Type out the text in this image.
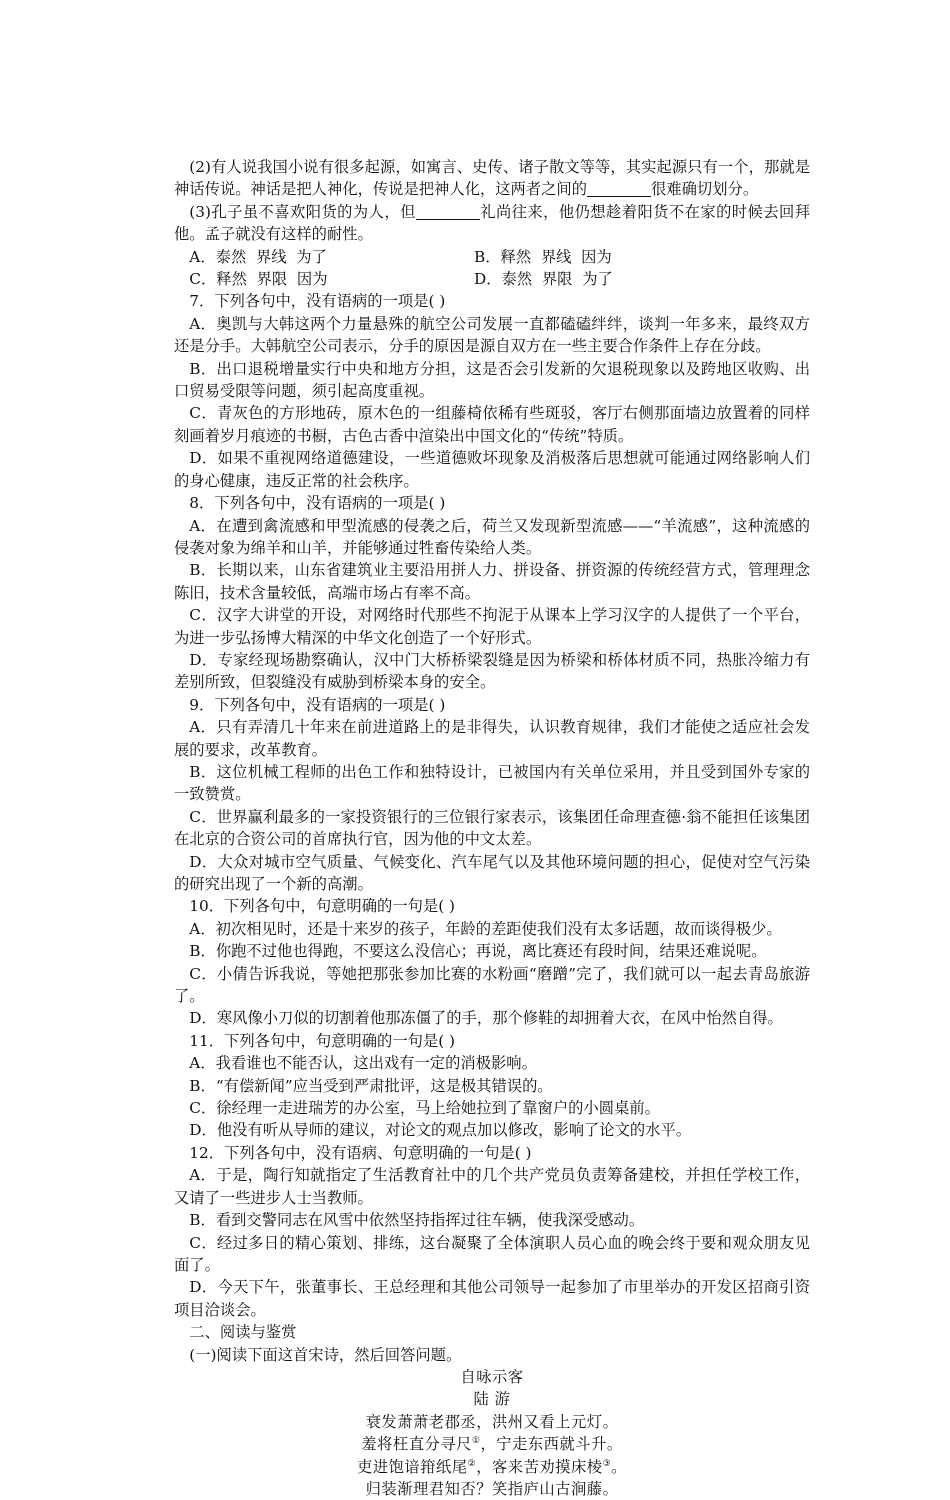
(2)有人说我国小说有很多起源，如寓言、史传、诸子散文等等，其实起源只有一个，那就是神话传说。神话是把人神化，传说是把神人化，这两者之间的	很难确切划分。

(3)孔子虽不喜欢阳货的为人，但	礼尚往来，他仍想趁着阳货不在家的时候去回拜他。孟子就没有这样的耐性。

A．泰然  界线  为了	B．释然  界线  因为

C．释然  界限  因为	D．泰然  界限  为了

7．下列各句中，没有语病的一项是( )

A．奥凯与大韩这两个力量悬殊的航空公司发展一直都磕磕绊绊，谈判一年多来，最终双方还是分手。大韩航空公司表示，分手的原因是源自双方在一些主要合作条件上存在分歧。

B．出口退税增量实行中央和地方分担，这是否会引发新的欠退税现象以及跨地区收购、出口贸易受限等问题，须引起高度重视。

C．青灰色的方形地砖，原木色的一组藤椅依稀有些斑驳，客厅右侧那面墙边放置着的同样刻画着岁月痕迹的书橱，古色古香中渲染出中国文化的“传统”特质。

D．如果不重视网络道德建设，一些道德败坏现象及消极落后思想就可能通过网络影响人们的身心健康，违反正常的社会秩序。

8．下列各句中，没有语病的一项是( )

A．在遭到禽流感和甲型流感的侵袭之后，荷兰又发现新型流感——“羊流感”，这种流感的侵袭对象为绵羊和山羊，并能够通过牲畜传染给人类。

B．长期以来，山东省建筑业主要沿用拼人力、拼设备、拼资源的传统经营方式，管理理念陈旧，技术含量较低，高端市场占有率不高。

C．汉字大讲堂的开设，对网络时代那些不拘泥于从课本上学习汉字的人提供了一个平台，为进一步弘扬博大精深的中华文化创造了一个好形式。

D．专家经现场勘察确认，汉中门大桥桥梁裂缝是因为桥梁和桥体材质不同，热胀冷缩力有差别所致，但裂缝没有威胁到桥梁本身的安全。

9．下列各句中，没有语病的一项是( )

A．只有弄清几十年来在前进道路上的是非得失，认识教育规律，我们才能使之适应社会发展的要求，改革教育。

B．这位机械工程师的出色工作和独特设计，已被国内有关单位采用，并且受到国外专家的一致赞赏。

C．世界赢利最多的一家投资银行的三位银行家表示，该集团任命理查德·翁不能担任该集团在北京的合资公司的首席执行官，因为他的中文太差。

D．大众对城市空气质量、气候变化、汽车尾气以及其他环境问题的担心，促使对空气污染的研究出现了一个新的高潮。

10．下列各句中，句意明确的一句是( )

A．初次相见时，还是十来岁的孩子，年龄的差距使我们没有太多话题，故而谈得极少。

B．你跑不过他也得跑，不要这么没信心；再说，离比赛还有段时间，结果还难说呢。

C．小倩告诉我说，等她把那张参加比赛的水粉画“磨蹭”完了，我们就可以一起去青岛旅游了。

D．寒风像小刀似的切割着他那冻僵了的手，那个修鞋的却拥着大衣，在风中怡然自得。

11．下列各句中，句意明确的一句是( )

A．我看谁也不能否认，这出戏有一定的消极影响。

B．“有偿新闻”应当受到严肃批评，这是极其错误的。

C．徐经理一走进瑞芳的办公室，马上给她拉到了靠窗户的小圆桌前。

D．他没有听从导师的建议，对论文的观点加以修改，影响了论文的水平。

12．下列各句中，没有语病、句意明确的一句是( )

A．于是，陶行知就指定了生活教育社中的几个共产党员负责筹备建校，并担任学校工作，又请了一些进步人士当教师。

B．看到交警同志在风雪中依然坚持指挥过往车辆，使我深受感动。

C．经过多日的精心策划、排练，这台凝聚了全体演职人员心血的晚会终于要和观众朋友见面了。

D．今天下午，张董事长、王总经理和其他公司领导一起参加了市里举办的开发区招商引资项目洽谈会。

二、阅读与鉴赏

(一)阅读下面这首宋诗，然后回答问题。

自咏示客

陆 游

衰发萧萧老郡丞，洪州又看上元灯。

羞将枉直分寻尺①，宁走东西就斗升。

吏进饱谙箝纸尾②，客来苦劝摸床棱③。

归装渐理君知否？笑指庐山古涧藤。
